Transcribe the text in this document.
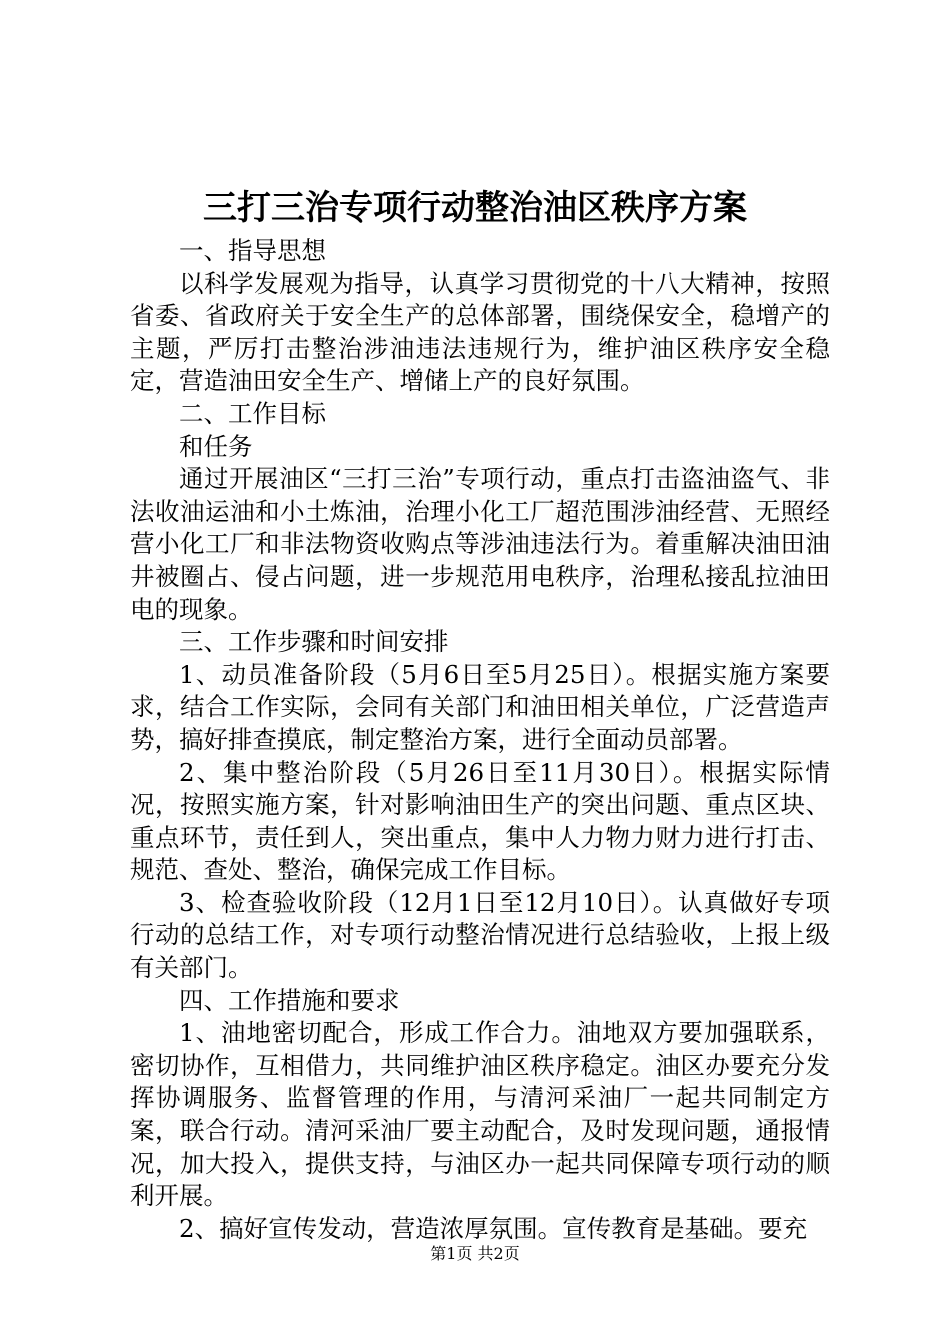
三打三治专项行动整治油区秩序方案

一、指导思想

以科学发展观为指导，认真学习贯彻党的十八大精神，按照省委、省政府关于安全生产的总体部署，围绕保安全，稳增产的主题，严厉打击整治涉油违法违规行为，维护油区秩序安全稳定，营造油田安全生产、增储上产的良好氛围。

二、工作目标

和任务

通过开展油区“三打三治”专项行动，重点打击盗油盗气、非法收油运油和小土炼油，治理小化工厂超范围涉油经营、无照经营小化工厂和非法物资收购点等涉油违法行为。着重解决油田油井被圈占、侵占问题，进一步规范用电秩序，治理私接乱拉油田电的现象。

三、工作步骤和时间安排

1、动员准备阶段（5月6日至5月25日）。根据实施方案要求，结合工作实际，会同有关部门和油田相关单位，广泛营造声势，搞好排查摸底，制定整治方案，进行全面动员部署。

2、集中整治阶段（5月26日至11月30日）。根据实际情况，按照实施方案，针对影响油田生产的突出问题、重点区块、重点环节，责任到人，突出重点，集中人力物力财力进行打击、规范、查处、整治，确保完成工作目标。

3、检查验收阶段（12月1日至12月10日）。认真做好专项行动的总结工作，对专项行动整治情况进行总结验收，上报上级有关部门。

四、工作措施和要求

1、油地密切配合，形成工作合力。油地双方要加强联系，密切协作，互相借力，共同维护油区秩序稳定。油区办要充分发挥协调服务、监督管理的作用，与清河采油厂一起共同制定方案，联合行动。清河采油厂要主动配合，及时发现问题，通报情况，加大投入，提供支持，与油区办一起共同保障专项行动的顺利开展。

2、搞好宣传发动，营造浓厚氛围。宣传教育是基础。要充

第1页 共2页
